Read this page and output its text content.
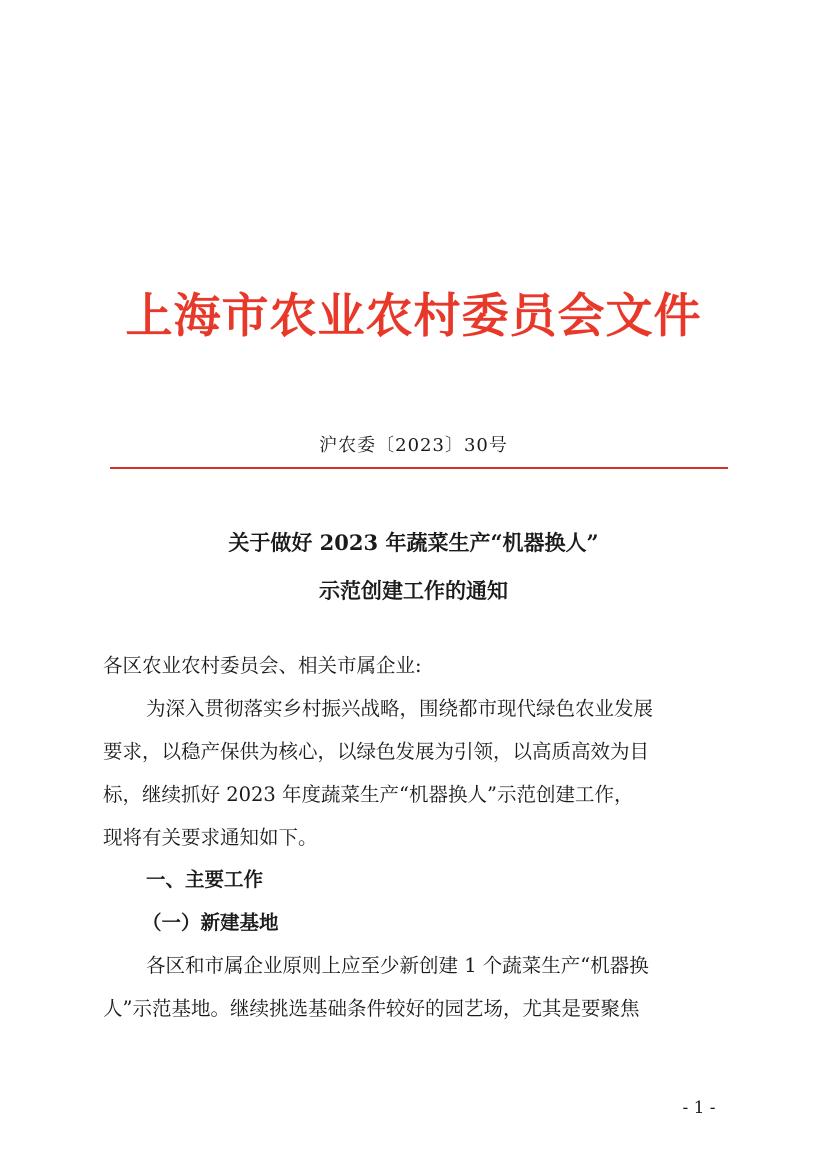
上海市农业农村委员会文件
沪农委〔2023〕30号
关于做好 2023 年蔬菜生产“机器换人”
示范创建工作的通知
各区农业农村委员会、相关市属企业:
为深入贯彻落实乡村振兴战略，围绕都市现代绿色农业发展
要求，以稳产保供为核心，以绿色发展为引领，以高质高效为目
标，继续抓好 2023 年度蔬菜生产“机器换人”示范创建工作，
现将有关要求通知如下。
一、主要工作
（一）新建基地
各区和市属企业原则上应至少新创建 1 个蔬菜生产“机器换
人”示范基地。继续挑选基础条件较好的园艺场，尤其是要聚焦
- 1 -
